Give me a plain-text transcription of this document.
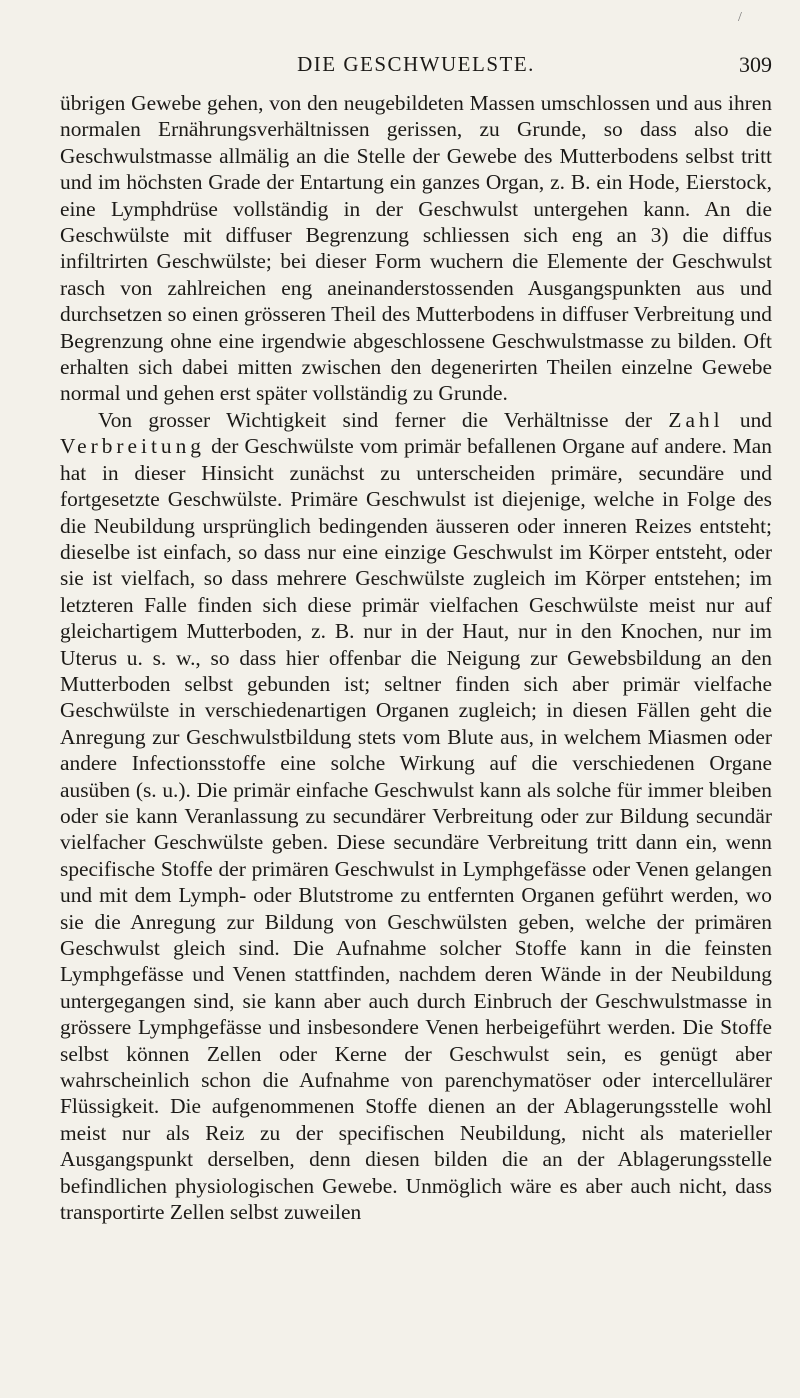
/
DIE GESCHWUELSTE.	309

übrigen Gewebe gehen, von den neugebildeten Massen umschlossen und aus ihren normalen Ernährungsverhältnissen gerissen, zu Grunde, so dass also die Geschwulstmasse allmälig an die Stelle der Gewebe des Mutterbodens selbst tritt und im höchsten Grade der Entartung ein ganzes Organ, z. B. ein Hode, Eierstock, eine Lymphdrüse vollständig in der Geschwulst untergehen kann. An die Geschwülste mit diffuser Begrenzung schliessen sich eng an 3) die diffus infiltrirten Geschwülste; bei dieser Form wuchern die Elemente der Geschwulst rasch von zahlreichen eng aneinanderstossenden Ausgangspunkten aus und durchsetzen so einen grösseren Theil des Mutterbodens in diffuser Verbreitung und Begrenzung ohne eine irgendwie abgeschlossene Geschwulstmasse zu bilden. Oft erhalten sich dabei mitten zwischen den degenerirten Theilen einzelne Gewebe normal und gehen erst später vollständig zu Grunde.

Von grosser Wichtigkeit sind ferner die Verhältnisse der Zahl und Verbreitung der Geschwülste vom primär befallenen Organe auf andere. Man hat in dieser Hinsicht zunächst zu unterscheiden primäre, secundäre und fortgesetzte Geschwülste. Primäre Geschwulst ist diejenige, welche in Folge des die Neubildung ursprünglich bedingenden äusseren oder inneren Reizes entsteht; dieselbe ist einfach, so dass nur eine einzige Geschwulst im Körper entsteht, oder sie ist vielfach, so dass mehrere Geschwülste zugleich im Körper entstehen; im letzteren Falle finden sich diese primär vielfachen Geschwülste meist nur auf gleichartigem Mutterboden, z. B. nur in der Haut, nur in den Knochen, nur im Uterus u. s. w., so dass hier offenbar die Neigung zur Gewebsbildung an den Mutterboden selbst gebunden ist; seltner finden sich aber primär vielfache Geschwülste in verschiedenartigen Organen zugleich; in diesen Fällen geht die Anregung zur Geschwulstbildung stets vom Blute aus, in welchem Miasmen oder andere Infectionsstoffe eine solche Wirkung auf die verschiedenen Organe ausüben (s. u.). Die primär einfache Geschwulst kann als solche für immer bleiben oder sie kann Veranlassung zu secundärer Verbreitung oder zur Bildung secundär vielfacher Geschwülste geben. Diese secundäre Verbreitung tritt dann ein, wenn specifische Stoffe der primären Geschwulst in Lymphgefässe oder Venen gelangen und mit dem Lymph- oder Blutstrome zu entfernten Organen geführt werden, wo sie die Anregung zur Bildung von Geschwülsten geben, welche der primären Geschwulst gleich sind. Die Aufnahme solcher Stoffe kann in die feinsten Lymphgefässe und Venen stattfinden, nachdem deren Wände in der Neubildung untergegangen sind, sie kann aber auch durch Einbruch der Geschwulstmasse in grössere Lymphgefässe und insbesondere Venen herbeigeführt werden. Die Stoffe selbst können Zellen oder Kerne der Geschwulst sein, es genügt aber wahrscheinlich schon die Aufnahme von parenchymatöser oder intercellulärer Flüssigkeit. Die aufgenommenen Stoffe dienen an der Ablagerungsstelle wohl meist nur als Reiz zu der specifischen Neubildung, nicht als materieller Ausgangspunkt derselben, denn diesen bilden die an der Ablagerungsstelle befindlichen physiologischen Gewebe. Unmöglich wäre es aber auch nicht, dass transportirte Zellen selbst zuweilen
